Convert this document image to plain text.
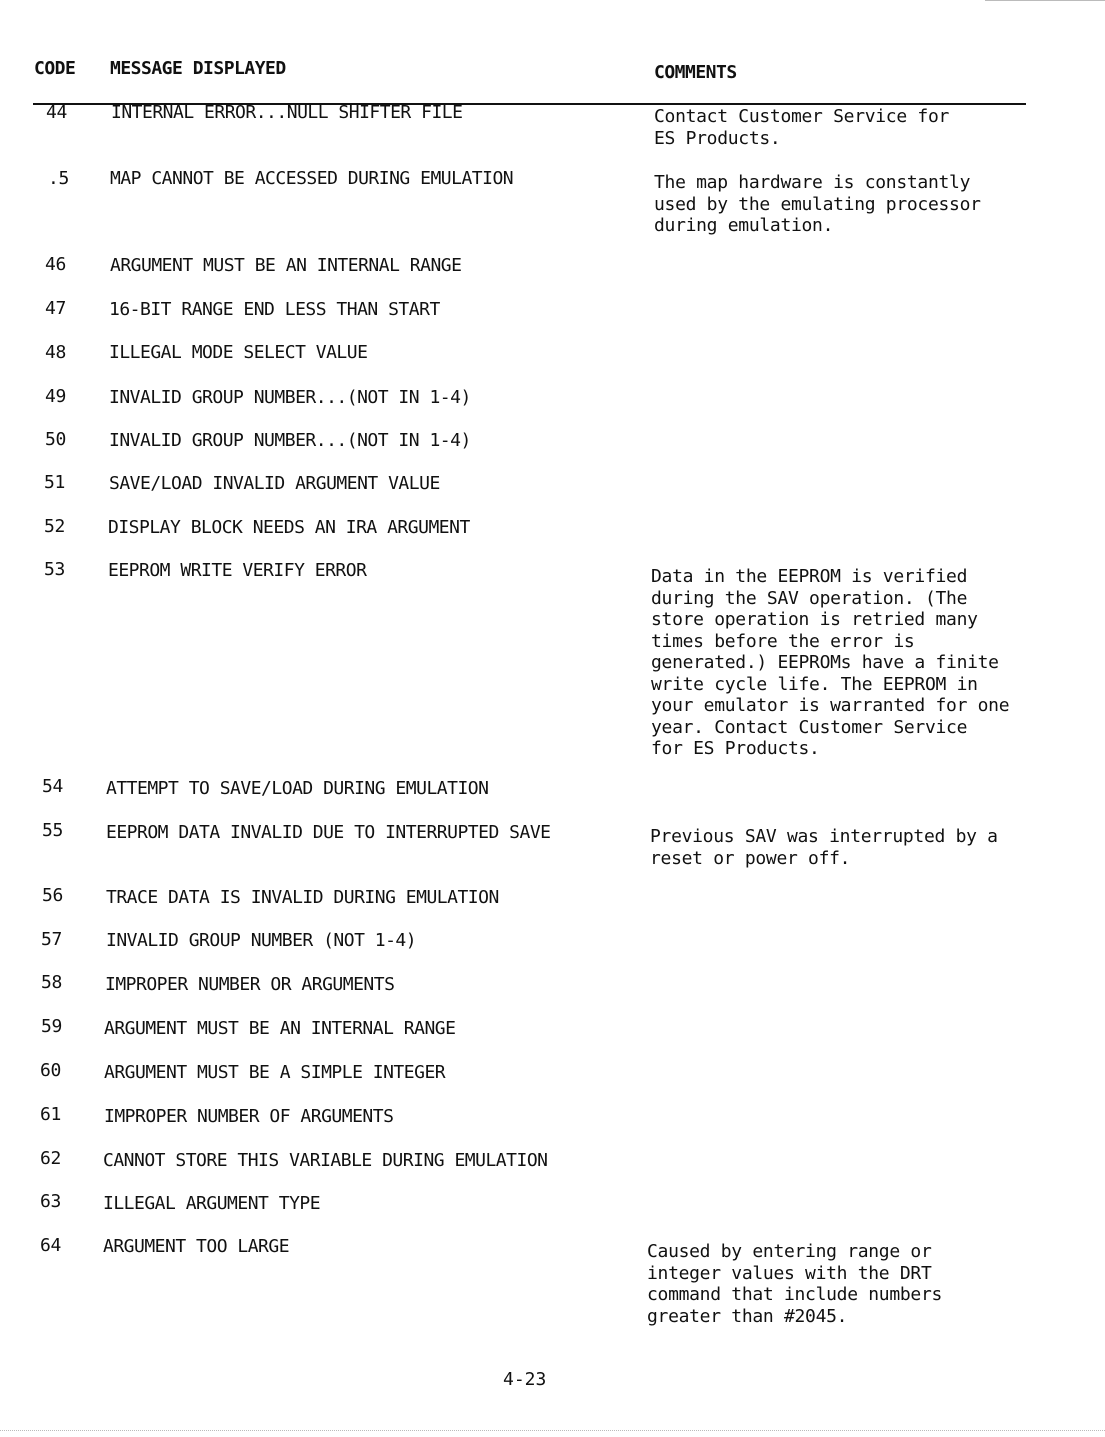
CODE MESSAGE DISPLAYED	COMMENTS
44	INTERNAL ERROR...NULL SHIFTER FILE	Contact Customer Service for
ES Products.
.5	MAP CANNOT BE ACCESSED DURING EMULATION	The map hardware is constantly
used by the emulating processor
during emulation.
46	ARGUMENT MUST BE AN INTERNAL RANGE
47	16-BIT RANGE END LESS THAN START
48	ILLEGAL MODE SELECT VALUE
49	INVALID GROUP NUMBER...(NOT IN 1-4)
50	INVALID GROUP NUMBER...(NOT IN 1-4)
51	SAVE/LOAD INVALID ARGUMENT VALUE
52	DISPLAY BLOCK NEEDS AN IRA ARGUMENT
53	EEPROM WRITE VERIFY ERROR	Data in the EEPROM is verified
during the SAV operation. (The
store operation is retried many
times before the error is
generated.) EEPROMs have a finite
write cycle life. The EEPROM in
your emulator is warranted for one
year. Contact Customer Service
for ES Products.
54	ATTEMPT TO SAVE/LOAD DURING EMULATION
55	EEPROM DATA INVALID DUE TO INTERRUPTED SAVE	Previous SAV was interrupted by a
reset or power off.
56	TRACE DATA IS INVALID DURING EMULATION
57	INVALID GROUP NUMBER (NOT 1-4)
58	IMPROPER NUMBER OR ARGUMENTS
59	ARGUMENT MUST BE AN INTERNAL RANGE
60	ARGUMENT MUST BE A SIMPLE INTEGER
61	IMPROPER NUMBER OF ARGUMENTS
62	CANNOT STORE THIS VARIABLE DURING EMULATION
63	ILLEGAL ARGUMENT TYPE
64	ARGUMENT TOO LARGE	Caused by entering range or
integer values with the DRT
command that include numbers
greater than #2045.
4-23
